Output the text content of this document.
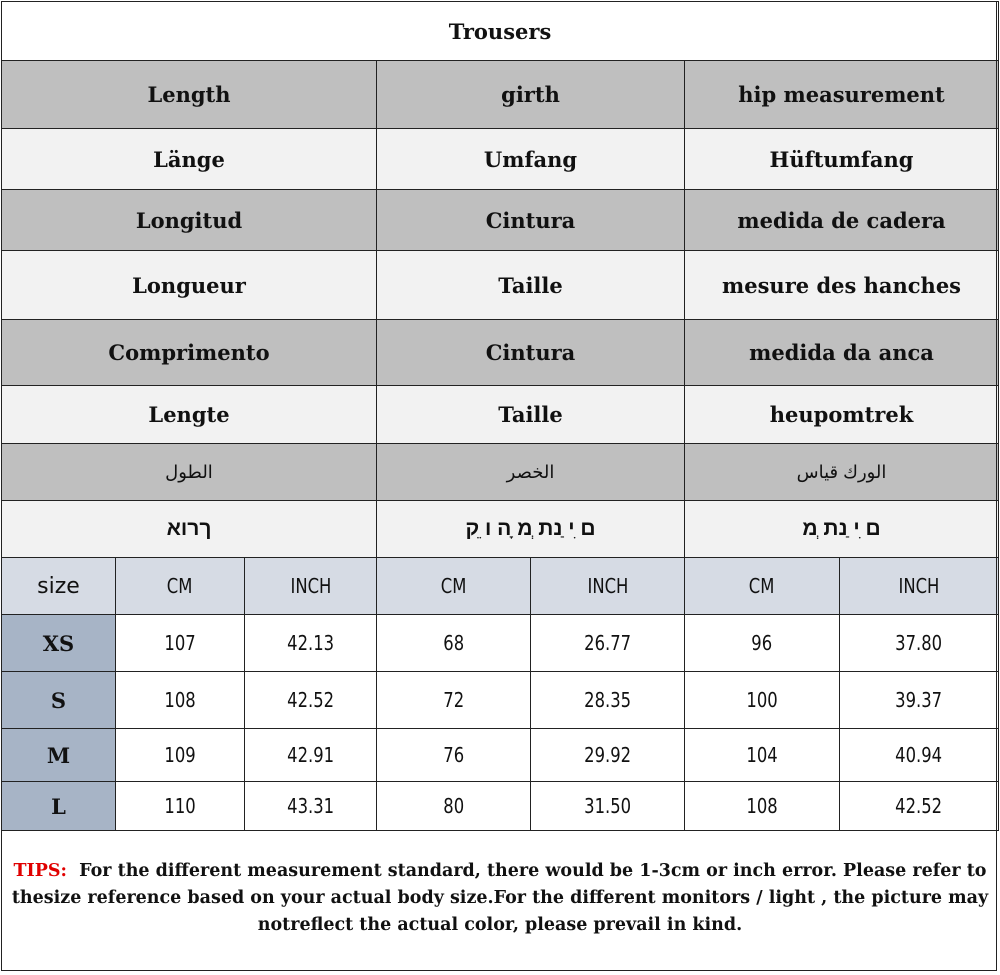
Trousers						
Length			girth		hip measurement	
Länge			Umfang		Hüftumfang	
Longitud			Cintura		medida de cadera	
Longueur			Taille		mesure des hanches	
Comprimento			Cintura		medida da anca	
Lengte			Taille		heupomtrek	
الطول			الخصر		الورك قياس	
ךרוא			ם ִי ַנת ְמ ָה ו ֵק		ם ִי ַנת ְמ	
size	CM	INCH	CM	INCH	CM	INCH
XS	107	42.13	68	26.77	96	37.80
S	108	42.52	72	28.35	100	39.37
M	109	42.91	76	29.92	104	40.94
L	110	43.31	80	31.50	108	42.52
TIPS: For the different measurement standard, there would be 1-3cm or inch error. Please refer to
thesize reference based on your actual body size.For the different monitors / light , the picture may
notreflect the actual color, please prevail in kind.
